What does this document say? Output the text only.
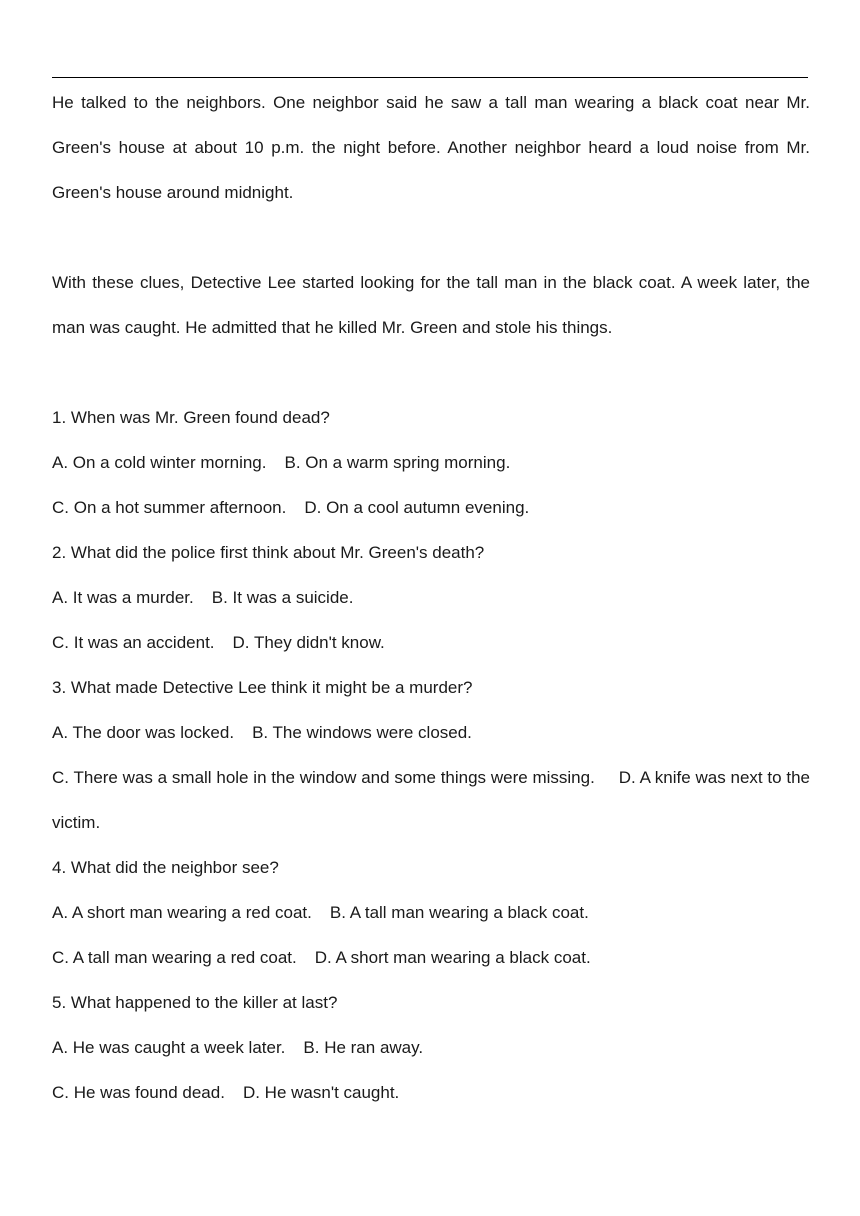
He talked to the neighbors. One neighbor said he saw a tall man wearing a black coat near Mr. Green's house at about 10 p.m. the night before. Another neighbor heard a loud noise from Mr. Green's house around midnight.

With these clues, Detective Lee started looking for the tall man in the black coat. A week later, the man was caught. He admitted that he killed Mr. Green and stole his things.

1. When was Mr. Green found dead?

A. On a cold winter morning. B. On a warm spring morning.

C. On a hot summer afternoon. D. On a cool autumn evening.

2. What did the police first think about Mr. Green's death?

A. It was a murder. B. It was a suicide.

C. It was an accident. D. They didn't know.

3. What made Detective Lee think it might be a murder?

A. The door was locked. B. The windows were closed.

C. There was a small hole in the window and some things were missing. D. A knife was next to the victim.

4. What did the neighbor see?

A. A short man wearing a red coat. B. A tall man wearing a black coat.

C. A tall man wearing a red coat. D. A short man wearing a black coat.

5. What happened to the killer at last?

A. He was caught a week later. B. He ran away.

C. He was found dead. D. He wasn't caught.
